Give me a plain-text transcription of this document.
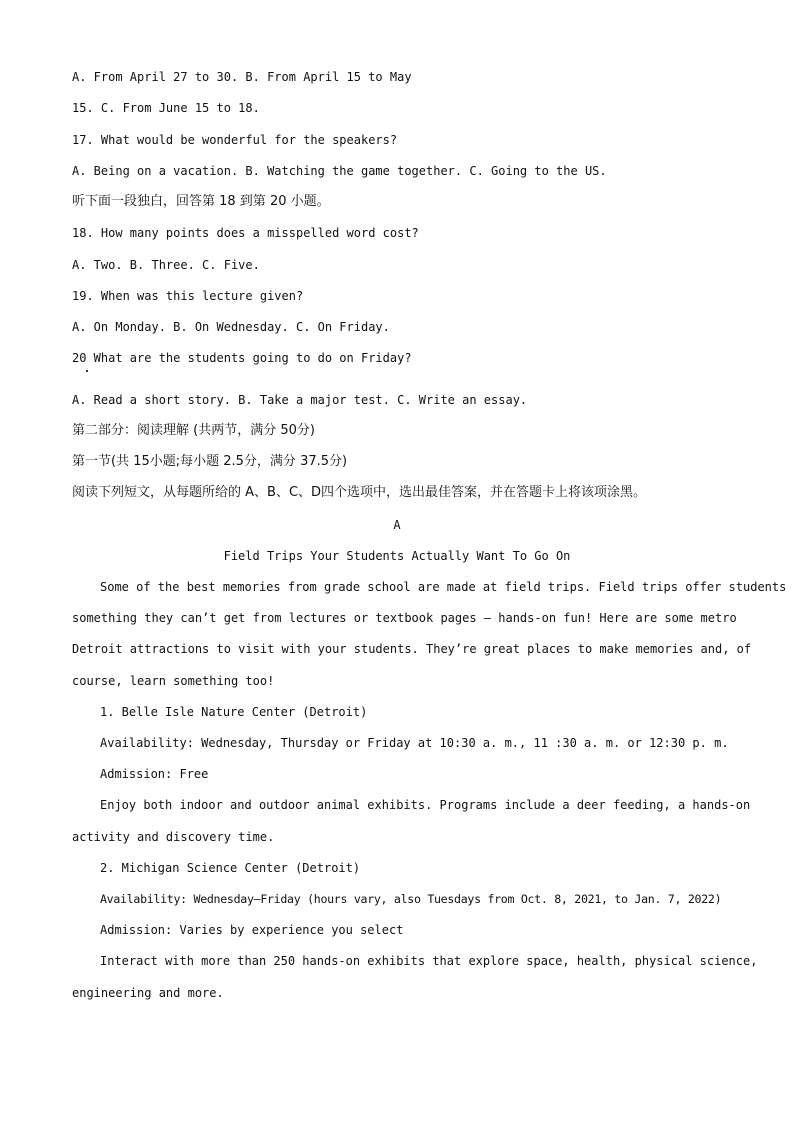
A. From April 27 to 30. B. From April 15 to May
15. C. From June 15 to 18.
17. What would be wonderful for the speakers?
A. Being on a vacation. B. Watching the game together. C. Going to the US.
听下面一段独白，回答第 18 到第 20 小题。
18. How many points does a misspelled word cost?
A. Two. B. Three. C. Five.
19. When was this lecture given?
A. On Monday. B. On Wednesday. C. On Friday.
20 What are the students going to do on Friday?
A. Read a short story. B. Take a major test. C. Write an essay.
第二部分：阅读理解 (共两节，满分 50分)
第一节(共 15小题;每小题 2.5分，满分 37.5分)
阅读下列短文，从每题所给的 A、B、C、D四个选项中，选出最佳答案，并在答题卡上将该项涂黑。
A
Field Trips Your Students Actually Want To Go On
Some of the best memories from grade school are made at field trips. Field trips offer students
something they can’t get from lectures or textbook pages — hands-on fun! Here are some metro
Detroit attractions to visit with your students. They’re great places to make memories and, of
course, learn something too!
1. Belle Isle Nature Center (Detroit)
Availability: Wednesday, Thursday or Friday at 10:30 a. m., 11 :30 a. m. or 12:30 p. m.
Admission: Free
Enjoy both indoor and outdoor animal exhibits. Programs include a deer feeding, a hands-on
activity and discovery time.
2. Michigan Science Center (Detroit)
Availability: Wednesday—Friday (hours vary, also Tuesdays from Oct. 8, 2021, to Jan. 7, 2022)
Admission: Varies by experience you select
Interact with more than 250 hands-on exhibits that explore space, health, physical science,
engineering and more.
